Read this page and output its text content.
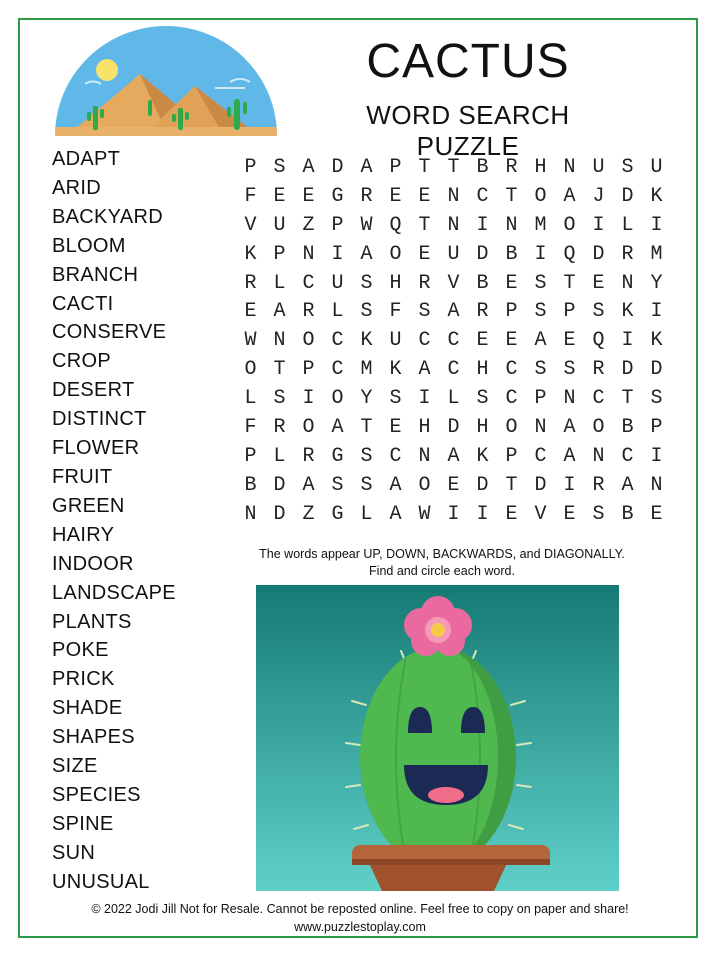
CACTUS
WORD SEARCH PUZZLE
ADAPT
ARID
BACKYARD
BLOOM
BRANCH
CACTI
CONSERVE
CROP
DESERT
DISTINCT
FLOWER
FRUIT
GREEN
HAIRY
INDOOR
LANDSCAPE
PLANTS
POKE
PRICK
SHADE
SHAPES
SIZE
SPECIES
SPINE
SUN
UNUSUAL
P S A D A P T T B R H N U S U
F E E G R E E N C T O A J D K
V U Z P W Q T N I N M O I L I
K P N I A O E U D B I Q D R M
R L C U S H R V B E S T E N Y
E A R L S F S A R P S P S K I
W N O C K U C C E E A E Q I K
O T P C M K A C H C S S R D D
L S I O Y S I L S C P N C T S
F R O A T E H D H O N A O B P
P L R G S C N A K P C A N C I
B D A S S A O E D T D I R A N
N D Z G L A W I I E V E S B E
The words appear UP, DOWN, BACKWARDS, and DIAGONALLY.
Find and circle each word.
© 2022 Jodi Jill Not for Resale. Cannot be reposted online. Feel free to copy on paper and share!
www.puzzlestoplay.com
